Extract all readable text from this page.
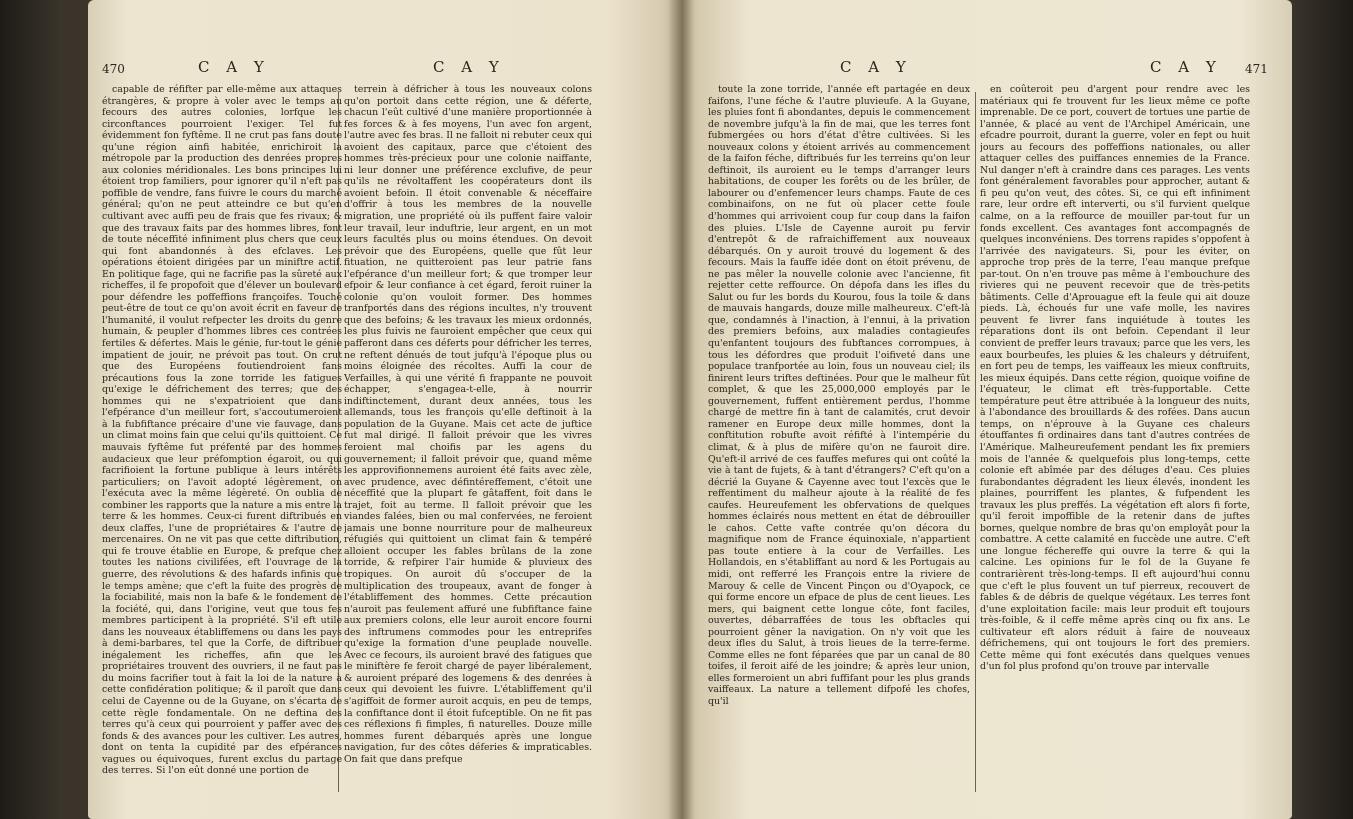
470	C A Y	C A Y

capable de réfifter par elle-même aux attaques étrangères, & propre à voler avec le temps au fecours des autres colonies, lorfque les circonftances pourroient l'exiger. Tel fut évidemment fon fyftême. Il ne crut pas fans doute qu'une région ainfi habitée, enrichiroit la métropole par la production des denrées propres aux colonies méridionales. Les bons principes lui étoient trop familiers, pour ignorer qu'il n'eft pas poffible de vendre, fans fuivre le cours du marché général; qu'on ne peut atteindre ce but qu'en cultivant avec auffi peu de frais que fes rivaux; & que des travaux faits par des hommes libres, font de toute néceffité infiniment plus chers que ceux qui font abandonnés à des efclaves. Les opérations étoient dirigées par un miniftre actif. En politique fage, qui ne facrifie pas la sûreté aux richeffes, il fe propofoit que d'élever un boulevard pour défendre les poffeffions françoifes. Touché peut-être de tout ce qu'on avoit écrit en faveur de l'humanité, il voulut refpecter les droits du genre humain, & peupler d'hommes libres ces contrées fertiles & défertes. Mais le génie, fur-tout le génie impatient de jouir, ne prévoit pas tout. On crut que des Européens foutiendroient fans précautions fous la zone torride les fatigues qu'exige le défrichement des terres; que des hommes qui ne s'expatrioient que dans l'efpérance d'un meilleur fort, s'accoutumeroient à la fubfiftance précaire d'une vie fauvage, dans un climat moins fain que celui qu'ils quittoient. Ce mauvais fyftême fut préfenté par des hommes audacieux que leur préfomption égaroit, ou qui facrifioient la fortune publique à leurs intérêts particuliers; on l'avoit adopté légèrement, on l'exécuta avec la même légèreté. On oublia de combiner les rapports que la nature a mis entre la terre & les hommes. Ceux-ci furent diftribués en deux claffes, l'une de propriétaires & l'autre de mercenaires. On ne vit pas que cette diftribution, qui fe trouve établie en Europe, & prefque chez toutes les nations civilifées, eft l'ouvrage de la guerre, des révolutions & des hafards infinis que le temps amène; que c'eft la fuite des progrès de la fociabilité, mais non la bafe & le fondement de la fociété, qui, dans l'origine, veut que tous fes membres participent à la propriété. S'il eft utile dans les nouveaux établiffemens ou dans les pays à demi-barbares, tel que la Corfe, de diftribuer inégalement les richeffes, afin que les propriétaires trouvent des ouvriers, il ne faut pas du moins facrifier tout à fait la loi de la nature à cette confidération politique; & il paroît que dans celui de Cayenne ou de la Guyane, on s'écarta de cette règle fondamentale. On ne deftina des terres qu'à ceux qui pourroient y paffer avec des fonds & des avances pour les cultiver. Les autres, dont on tenta la cupidité par des efpérances vagues ou équivoques, furent exclus du partage des terres. Si l'on eût donné une portion de

terrein à défricher à tous les nouveaux colons qu'on portoit dans cette région, une & déferte, chacun l'eût cultivé d'une manière proportionnée à fes forces & à fes moyens, l'un avec fon argent, l'autre avec fes bras. Il ne falloit ni rebuter ceux qui avoient des capitaux, parce que c'étoient des hommes très-précieux pour une colonie naiffante, ni leur donner une préférence exclufive, de peur qu'ils ne révoltaffent les coopérateurs dont ils avoient befoin. Il étoit convenable & néceffaire d'offrir à tous les membres de la nouvelle migration, une propriété où ils puffent faire valoir leur travail, leur induftrie, leur argent, en un mot leurs facultés plus ou moins étendues. On devoit prévoir que des Européens, quelle que fût leur fituation, ne quitteroient pas leur patrie fans l'efpérance d'un meilleur fort; & que tromper leur efpoir & leur confiance à cet égard, feroit ruiner la colonie qu'on vouloit former. Des hommes tranfportés dans des régions incultes, n'y trouvent que des befoins; & les travaux les mieux ordonnés, les plus fuivis ne fauroient empêcher que ceux qui pafferont dans ces déferts pour défricher les terres, ne reftent dénués de tout jufqu'à l'époque plus ou moins éloignée des récoltes. Auffi la cour de Verfailles, à qui une vérité fi frappante ne pouvoit échapper, s'engagea-t-elle, à nourrir indiftinctement, durant deux années, tous les allemands, tous les françois qu'elle deftinoit à la population de la Guyane. Mais cet acte de juftice fut mal dirigé. Il falloit prévoir que les vivres feroient mal choifis par les agens du gouvernement; il falloit prévoir que, quand même les approvifionnemens auroient été faits avec zèle, avec prudence, avec défintéreffement, c'étoit une néceffité que la plupart fe gâtaffent, foit dans le trajet, foit au terme. Il falloit prévoir que les viandes falées, bien ou mal confervées, ne feroient jamais une bonne nourriture pour de malheureux réfugiés qui quittoient un climat fain & tempéré alloient occuper les fables brûlans de la zone torride, & refpirer l'air humide & pluvieux des tropiques. On auroit dû s'occuper de la multiplication des troupeaux, avant de fonger à l'établiffement des hommes. Cette précaution n'auroit pas feulement affuré une fubfiftance faine aux premiers colons, elle leur auroit encore fourni des inftrumens commodes pour les entreprifes qu'exige la formation d'une peuplade nouvelle. Avec ce fecours, ils auroient bravé des fatigues que le miniftère fe feroit chargé de payer libéralement, & auroient préparé des logemens & des denrées à ceux qui devoient les fuivre. L'établiffement qu'il s'agiffoit de former auroit acquis, en peu de temps, la confiftance dont il étoit fufceptible. On ne fit pas ces réflexions fi fimples, fi naturelles. Douze mille hommes furent débarqués après une longue navigation, fur des côtes déferies & impraticables. On fait que dans prefque

C A Y	C A Y 471

toute la zone torride, l'année eft partagée en deux faifons, l'une féche & l'autre pluvieufe. A la Guyane, les pluies font fi abondantes, depuis le commencement de novembre jufqu'à la fin de mai, que les terres font fubmergées ou hors d'état d'être cultivées. Si les nouveaux colons y étoient arrivés au commencement de la faifon féche, diftribués fur les terreins qu'on leur deftinoit, ils auroient eu le temps d'arranger leurs habitations, de couper les forêts ou de les brûler, de labourer ou d'enfemencer leurs champs. Faute de ces combinaifons, on ne fut où placer cette foule d'hommes qui arrivoient coup fur coup dans la faifon des pluies. L'Isle de Cayenne auroit pu fervir d'entrepôt & de rafraichiffement aux nouveaux débarqués. On y auroit trouvé du logement & des fecours. Mais la fauffe idée dont on étoit prévenu, de ne pas mêler la nouvelle colonie avec l'ancienne, fit rejetter cette reffource. On dépofa dans les ifles du Salut ou fur les bords du Kourou, fous la toile & dans de mauvais hangards, douze mille malheureux. C'eft-là que, condamnés à l'inaction, à l'ennui, à la privation des premiers befoins, aux maladies contagieufes qu'enfantent toujours des fubftances corrompues, à tous les défordres que produit l'oifiveté dans une populace tranfportée au loin, fous un nouveau ciel; ils finirent leurs triftes deftinées. Pour que le malheur fût complet, & que les 25,000,000 employés par le gouvernement, fuffent entièrement perdus, l'homme chargé de mettre fin à tant de calamités, crut devoir ramener en Europe deux mille hommes, dont la conftitution robufte avoit réfifté à l'intempérie du climat, & à plus de mifère qu'on ne fauroit dire. Qu'eft-il arrivé de ces fauffes mefures qui ont coûté la vie à tant de fujets, & à tant d'étrangers? C'eft qu'on a décrié la Guyane & Cayenne avec tout l'excès que le reffentiment du malheur ajoute à la réalité de fes caufes. Heureufement les obfervations de quelques hommes éclairés nous mettent en état de débrouiller le cahos. Cette vafte contrée qu'on décora du magnifique nom de France équinoxiale, n'appartient pas toute entiere à la cour de Verfailles. Les Hollandois, en s'établiffant au nord & les Portugais au midi, ont refferré les François entre la riviere de Marouy & celle de Vincent Pinçon ou d'Oyapock, ce qui forme encore un efpace de plus de cent lieues. Les mers, qui baignent cette longue côte, font faciles, ouvertes, débarraffées de tous les obftacles qui pourroient gêner la navigation. On n'y voit que les deux ifles du Salut, à trois lieues de la terre-ferme. Comme elles ne font féparées que par un canal de 80 toifes, il feroit aifé de les joindre; & après leur union, elles formeroient un abri fuffifant pour les plus grands vaiffeaux. La nature a tellement difpofé les chofes, qu'il

en coûteroit peu d'argent pour rendre avec les matériaux qui fe trouvent fur les lieux même ce pofte imprenable. De ce port, couvert de tortues une partie de l'année, & placé au vent de l'Archipel Américain, une efcadre pourroit, durant la guerre, voler en fept ou huit jours au fecours des poffeffions nationales, ou aller attaquer celles des puiffances ennemies de la France. Nul danger n'eft à craindre dans ces parages. Les vents font généralement favorables pour approcher, autant & fi peu qu'on veut, des côtes. Si, ce qui eft infiniment rare, leur ordre eft interverti, ou s'il furvient quelque calme, on a la reffource de mouiller par-tout fur un fonds excellent. Ces avantages font accompagnés de quelques inconvéniens. Des torrens rapides s'oppofent à l'arrivée des navigateurs. Si, pour les éviter, on approche trop près de la terre, l'eau manque prefque par-tout. On n'en trouve pas même à l'embouchure des rivieres qui ne peuvent recevoir que de très-petits bâtiments. Celle d'Aprouague eft la feule qui ait douze pieds. Là, échoués fur une vafe molle, les navires peuvent fe livrer fans inquiétude à toutes les réparations dont ils ont befoin. Cependant il leur convient de preffer leurs travaux; parce que les vers, les eaux bourbeufes, les pluies & les chaleurs y détruifent, en fort peu de temps, les vaiffeaux les mieux conftruits, les mieux équipés. Dans cette région, quoique voifine de l'équateur, le climat eft très-fupportable. Cette température peut être attribuée à la longueur des nuits, à l'abondance des brouillards & des rofées. Dans aucun temps, on n'éprouve à la Guyane ces chaleurs étouffantes fi ordinaires dans tant d'autres contrées de l'Amérique. Malheureufement pendant les fix premiers mois de l'année & quelquefois plus long-temps, cette colonie eft abîmée par des déluges d'eau. Ces pluies furabondantes dégradent les lieux élevés, inondent les plaines, pourriffent les plantes, & fufpendent les travaux les plus preffés. La végétation eft alors fi forte, qu'il feroit impoffible de la retenir dans de juftes bornes, quelque nombre de bras qu'on employât pour la combattre. A cette calamité en fuccède une autre. C'eft une longue féchereffe qui ouvre la terre & qui la calcine. Les opinions fur le fol de la Guyane fe contrarièrent très-long-temps. Il eft aujourd'hui connu que c'eft le plus fouvent un tuf pierreux, recouvert de fables & de débris de quelque végétaux. Les terres font d'une exploitation facile: mais leur produit eft toujours très-foible, & il ceffe même après cinq ou fix ans. Le cultivateur eft alors réduit à faire de nouveaux défrichemens, qui ont toujours le fort des premiers. Cette même qui font exécutés dans quelques venues d'un fol plus profond qu'on trouve par intervalle
